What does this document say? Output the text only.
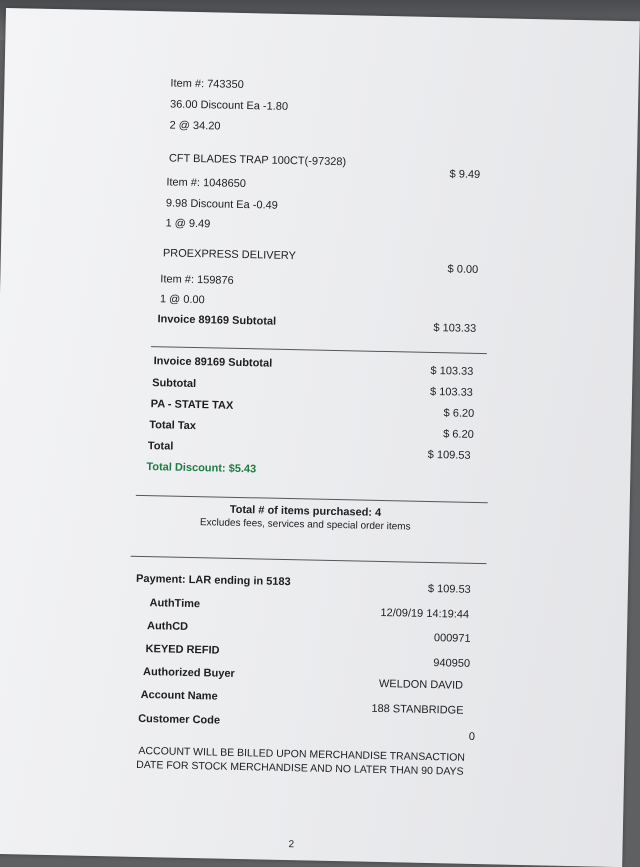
Item #: 743350
36.00 Discount Ea -1.80
2 @ 34.20
CFT BLADES TRAP 100CT(-97328)
$ 9.49
Item #: 1048650
9.98 Discount Ea -0.49
1 @ 9.49
PROEXPRESS DELIVERY
$ 0.00
Item #: 159876
1 @ 0.00
Invoice 89169 Subtotal
$ 103.33
Invoice 89169 Subtotal
$ 103.33
Subtotal
$ 103.33
PA - STATE TAX
$ 6.20
Total Tax
$ 6.20
Total
$ 109.53
Total Discount: $5.43
Total # of items purchased: 4
Excludes fees, services and special order items
Payment: LAR ending in 5183
$ 109.53
AuthTime
12/09/19 14:19:44
AuthCD
000971
KEYED REFID
940950
Authorized Buyer
WELDON DAVID
Account Name
188 STANBRIDGE
Customer Code
0
ACCOUNT WILL BE BILLED UPON MERCHANDISE TRANSACTION
DATE FOR STOCK MERCHANDISE AND NO LATER THAN 90 DAYS
2
